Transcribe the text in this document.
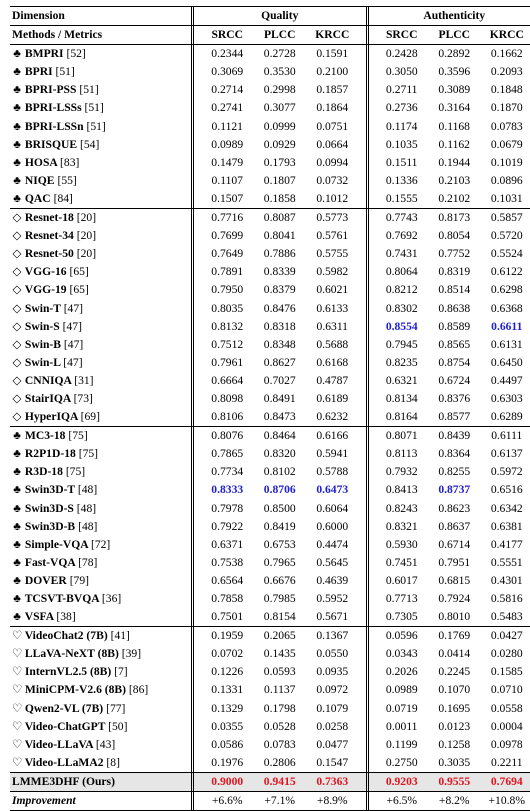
Dimension		Quality				Authenticity		
Methods / Metrics		SRCC	PLCC	KRCC		SRCC	PLCC	KRCC
♣ BMPRI [52]		0.2344	0.2728	0.1591		0.2428	0.2892	0.1662
♣ BPRI [51]		0.3069	0.3530	0.2100		0.3050	0.3596	0.2093
♣ BPRI-PSS [51]		0.2714	0.2998	0.1857		0.2711	0.3089	0.1848
♣ BPRI-LSSs [51]		0.2741	0.3077	0.1864		0.2736	0.3164	0.1870
♣ BPRI-LSSn [51]		0.1121	0.0999	0.0751		0.1174	0.1168	0.0783
♣ BRISQUE [54]		0.0989	0.0929	0.0664		0.1035	0.1162	0.0679
♣ HOSA [83]		0.1479	0.1793	0.0994		0.1511	0.1944	0.1019
♣ NIQE [55]		0.1107	0.1807	0.0732		0.1336	0.2103	0.0896
♣ QAC [84]		0.1507	0.1858	0.1012		0.1555	0.2102	0.1031
◇ Resnet-18 [20]		0.7716	0.8087	0.5773		0.7743	0.8173	0.5857
◇ Resnet-34 [20]		0.7699	0.8041	0.5761		0.7692	0.8054	0.5720
◇ Resnet-50 [20]		0.7649	0.7886	0.5755		0.7431	0.7752	0.5524
◇ VGG-16 [65]		0.7891	0.8339	0.5982		0.8064	0.8319	0.6122
◇ VGG-19 [65]		0.7950	0.8379	0.6021		0.8212	0.8514	0.6298
◇ Swin-T [47]		0.8035	0.8476	0.6133		0.8302	0.8638	0.6368
◇ Swin-S [47]		0.8132	0.8318	0.6311		0.8554	0.8589	0.6611
◇ Swin-B [47]		0.7512	0.8348	0.5688		0.7945	0.8565	0.6131
◇ Swin-L [47]		0.7961	0.8627	0.6168		0.8235	0.8754	0.6450
◇ CNNIQA [31]		0.6664	0.7027	0.4787		0.6321	0.6724	0.4497
◇ StairIQA [73]		0.8098	0.8491	0.6189		0.8134	0.8376	0.6303
◇ HyperIQA [69]		0.8106	0.8473	0.6232		0.8164	0.8577	0.6289
♣ MC3-18 [75]		0.8076	0.8464	0.6166		0.8071	0.8439	0.6111
♣ R2P1D-18 [75]		0.7865	0.8320	0.5941		0.8113	0.8364	0.6137
♣ R3D-18 [75]		0.7734	0.8102	0.5788		0.7932	0.8255	0.5972
♣ Swin3D-T [48]		0.8333	0.8706	0.6473		0.8413	0.8737	0.6516
♣ Swin3D-S [48]		0.7978	0.8500	0.6064		0.8243	0.8623	0.6342
♣ Swin3D-B [48]		0.7922	0.8419	0.6000		0.8321	0.8637	0.6381
♣ Simple-VQA [72]		0.6371	0.6753	0.4474		0.5930	0.6714	0.4177
♣ Fast-VQA [78]		0.7538	0.7965	0.5645		0.7451	0.7951	0.5551
♣ DOVER [79]		0.6564	0.6676	0.4639		0.6017	0.6815	0.4301
♣ TCSVT-BVQA [36]		0.7858	0.7985	0.5952		0.7713	0.7924	0.5816
♣ VSFA [38]		0.7501	0.8154	0.5671		0.7305	0.8010	0.5483
♡ VideoChat2 (7B) [41]		0.1959	0.2065	0.1367		0.0596	0.1769	0.0427
♡ LLaVA-NeXT (8B) [39]		0.0702	0.1435	0.0550		0.0343	0.0414	0.0280
♡ InternVL2.5 (8B) [7]		0.1226	0.0593	0.0935		0.2026	0.2245	0.1585
♡ MiniCPM-V2.6 (8B) [86]		0.1331	0.1137	0.0972		0.0989	0.1070	0.0710
♡ Qwen2-VL (7B) [77]		0.1329	0.1798	0.1079		0.0719	0.1695	0.0558
♡ Video-ChatGPT [50]		0.0355	0.0528	0.0258		0.0011	0.0123	0.0004
♡ Video-LLaVA [43]		0.0586	0.0783	0.0477		0.1199	0.1258	0.0978
♡ Video-LLaMA2 [8]		0.1976	0.2806	0.1547		0.2750	0.3035	0.2211
LMME3DHF (Ours)		0.9000	0.9415	0.7363		0.9203	0.9555	0.7694
Improvement		+6.6%	+7.1%	+8.9%		+6.5%	+8.2%	+10.8%
